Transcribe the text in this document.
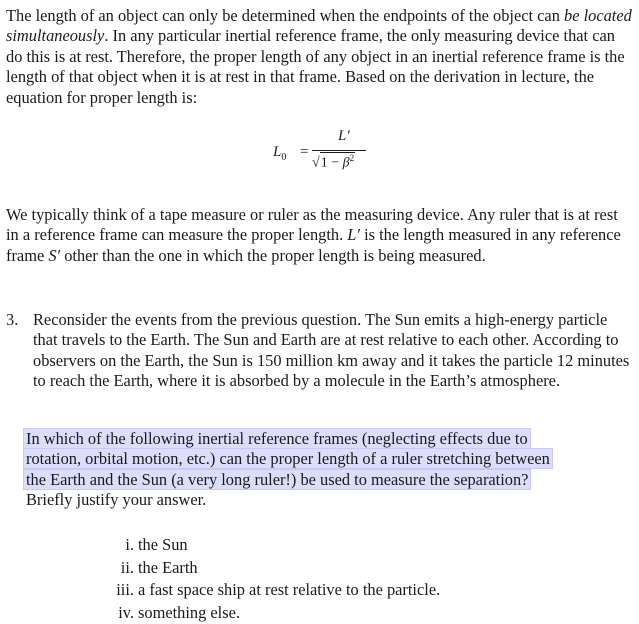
The length of an object can only be determined when the endpoints of the object can be located simultaneously. In any particular inertial reference frame, the only measuring device that can do this is at rest. Therefore, the proper length of any object in an inertial reference frame is the length of that object when it is at rest in that frame. Based on the derivation in lecture, the equation for proper length is:

$L_0$ =
L′
$√1 - \beta^2$

We typically think of a tape measure or ruler as the measuring device. Any ruler that is at rest in a reference frame can measure the proper length. L′ is the length measured in any reference frame S′ other than the one in which the proper length is being measured.

3. Reconsider the events from the previous question. The Sun emits a high-energy particle that travels to the Earth. The Sun and Earth are at rest relative to each other. According to observers on the Earth, the Sun is 150 million km away and it takes the particle 12 minutes to reach the Earth, where it is absorbed by a molecule in the Earth’s atmosphere.
In which of the following inertial reference frames (neglecting effects due to
rotation, orbital motion, etc.) can the proper length of a ruler stretching between
the Earth and the Sun (a very long ruler!) be used to measure the separation?
Briefly justify your answer.
i. the Sun
ii. the Earth
iii. a fast space ship at rest relative to the particle.
iv. something else.
